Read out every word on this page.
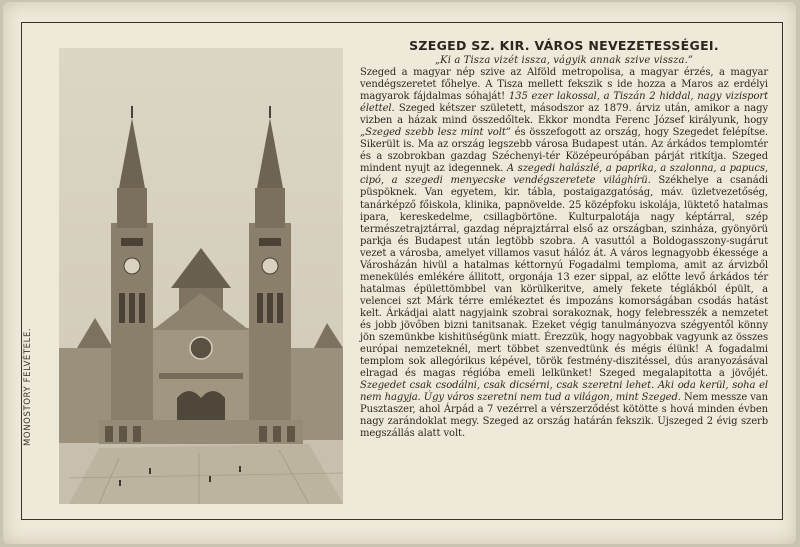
MONOSTORY FELVÉTELE.
SZEGED SZ. KIR. VÁROS NEVEZETESSÉGEI.
„Ki a Tisza vizét issza, vágyik annak szive vissza.”

Szeged a magyar nép szive az Alföld metropolisa, a magyar érzés, a magyar vendégszeretet főhelye. A Tisza mellett fekszik s ide hozza a Maros az erdélyi magyarok fájdalmas sóhaját! 135 ezer lakossal, a Tiszán 2 hiddal, nagy vizisport élettel. Szeged kétszer született, másodszor az 1879. árviz után, amikor a nagy vizben a házak mind összedőltek. Ekkor mondta Ferenc József királyunk, hogy „Szeged szebb lesz mint volt” és összefogott az ország, hogy Szegedet felépítse. Sikerült is. Ma az ország legszebb városa Budapest után. Az árkádos templomtér és a szobrokban gazdag Széchenyi-tér Középeurópában párját ritkítja. Szeged mindent nyujt az idegennek. A szegedi halászlé, a paprika, a szalonna, a papucs, cipó, a szegedi menyecske vendégszeretete világhírü. Székhelye a csanádi püspöknek. Van egyetem, kir. tábla, postaigazgatóság, máv. üzletvezetőség, tanárképző főiskola, klinika, papnövelde. 25 középfoku iskolája, lüktető hatalmas ipara, kereskedelme, csillagbörtöne. Kulturpalotája nagy képtárral, szép természetrajztárral, gazdag néprajztárral első az országban, szinháza, gyönyörü parkja és Budapest után legtöbb szobra. A vasuttól a Boldogasszony-sugárut vezet a városba, amelyet villamos vasut hálóz át. A város legnagyobb ékessége a Városházán hivül a hatalmas kéttornyú Fogadalmi temploma, amit az árvizből menekülés emlékére állitott, orgonája 13 ezer sippal, az előtte levő árkádos tér hatalmas épülettömbbel van körülkeritve, amely fekete téglákból épült, a velencei szt Márk térre emlékeztet és impozáns komorságában csodás hatást kelt. Árkádjai alatt nagyjaink szobrai sorakoznak, hogy felebresszék a nemzetet és jobb jövőben bizni tanitsanak. Ezeket végig tanulmányozva szégyentől könny jön szemünkbe kishitüségünk miatt. Érezzük, hogy nagyobbak vagyunk az összes európai nemzeteknél, mert többet szenvedtünk és mégis élünk! A fogadalmi templom sok allegórikus képével, török festmény-diszitéssel, dús aranyozásával elragad és magas régióba emeli lelkünket! Szeged megalapitotta a jövőjét. Szegedet csak csodálni, csak dicsérni, csak szeretni lehet. Aki oda kerül, soha el nem hagyja. Úgy város szeretni nem tud a világon, mint Szeged. Nem messze van Pusztaszer, ahol Árpád a 7 vezérrel a vérszerződést kötötte s hová minden évben nagy zarándoklat megy. Szeged az ország határán fekszik. Ujszeged 2 évig szerb megszállás alatt volt.
